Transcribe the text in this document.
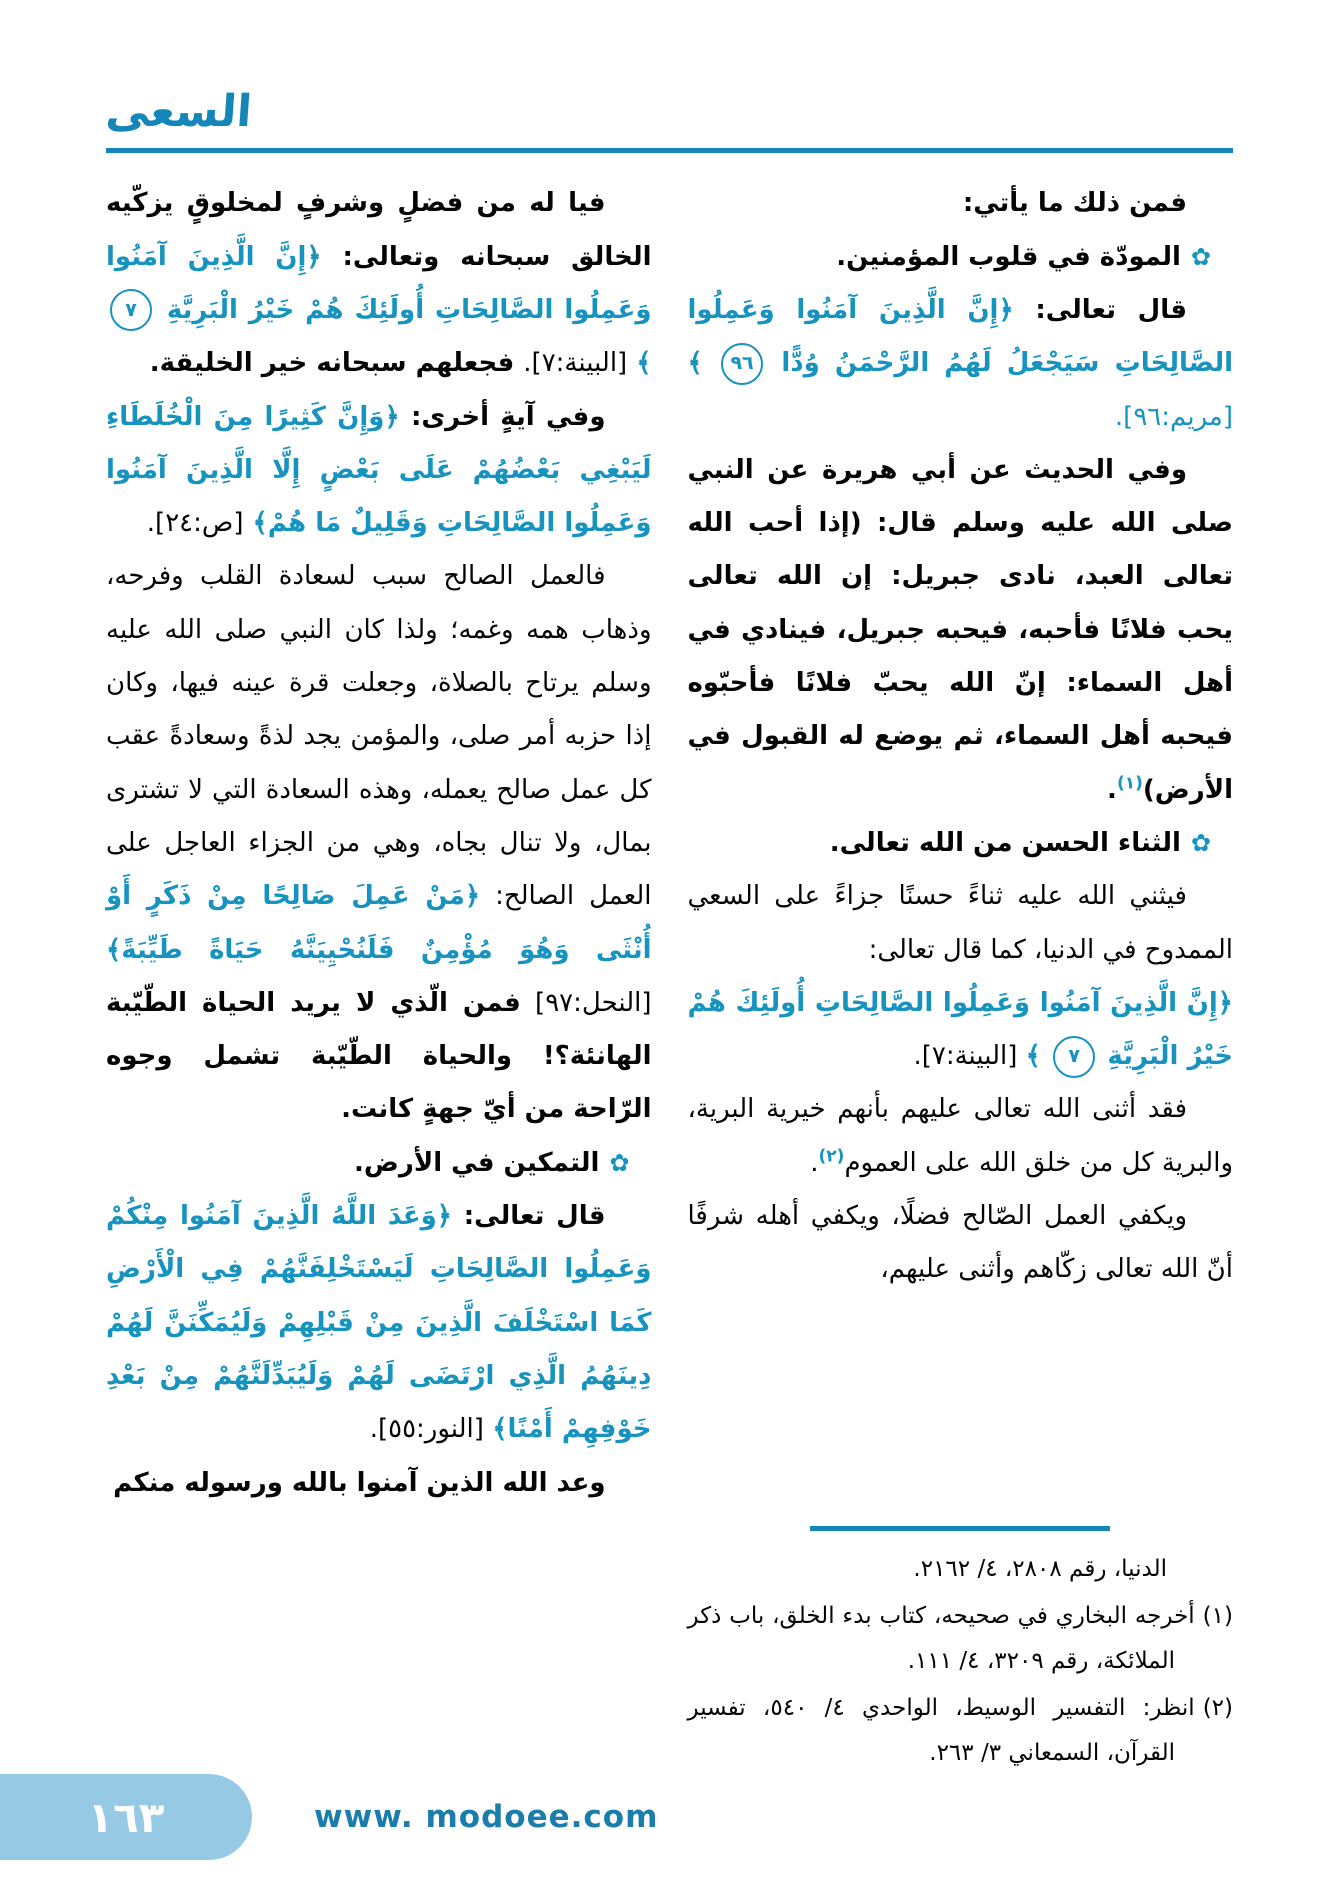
السعى

فمن ذلك ما يأتي:

✿المودّة في قلوب المؤمنين.

قال تعالى: ﴿إِنَّ الَّذِينَ آمَنُوا وَعَمِلُوا الصَّالِحَاتِ سَيَجْعَلُ لَهُمُ الرَّحْمَنُ وُدًّا ٩٦ ﴾ [مريم:٩٦].

وفي الحديث عن أبي هريرة عن النبي صلى الله عليه وسلم قال: (إذا أحب الله تعالى العبد، نادى جبريل: إن الله تعالى يحب فلانًا فأحبه، فيحبه جبريل، فينادي في أهل السماء: إنّ الله يحبّ فلانًا فأحبّوه فيحبه أهل السماء، ثم يوضع له القبول في الأرض)$^{(١)}$.

✿الثناء الحسن من الله تعالى.

فيثني الله عليه ثناءً حسنًا جزاءً على السعي الممدوح في الدنيا، كما قال تعالى:

﴿إِنَّ الَّذِينَ آمَنُوا وَعَمِلُوا الصَّالِحَاتِ أُولَئِكَ هُمْ خَيْرُ الْبَرِيَّةِ ٧ ﴾ [البينة:٧].

فقد أثنى الله تعالى عليهم بأنهم خيرية البرية، والبرية كل من خلق الله على العموم$^{(٢)}$.

ويكفي العمل الصّالح فضلًا، ويكفي أهله شرفًا أنّ الله تعالى زكّاهم وأثنى عليهم،

الدنيا، رقم ٢٨٠٨، ٤/ ٢١٦٢.

(١)أخرجه البخاري في صحيحه، كتاب بدء الخلق، باب ذكر الملائكة، رقم ٣٢٠٩، ٤/ ١١١.

(٢)انظر: التفسير الوسيط، الواحدي ٤/ ٥٤٠، تفسير القرآن، السمعاني ٣/ ٢٦٣.

فيا له من فضلٍ وشرفٍ لمخلوقٍ يزكّيه الخالق سبحانه وتعالى: ﴿إِنَّ الَّذِينَ آمَنُوا وَعَمِلُوا الصَّالِحَاتِ أُولَئِكَ هُمْ خَيْرُ الْبَرِيَّةِ ٧ ﴾ [البينة:٧]. فجعلهم سبحانه خير الخليقة.

وفي آيةٍ أخرى: ﴿وَإِنَّ كَثِيرًا مِنَ الْخُلَطَاءِ لَيَبْغِي بَعْضُهُمْ عَلَى بَعْضٍ إِلَّا الَّذِينَ آمَنُوا وَعَمِلُوا الصَّالِحَاتِ وَقَلِيلٌ مَا هُمْ﴾ [ص:٢٤].

فالعمل الصالح سبب لسعادة القلب وفرحه، وذهاب همه وغمه؛ ولذا كان النبي صلى الله عليه وسلم يرتاح بالصلاة، وجعلت قرة عينه فيها، وكان إذا حزبه أمر صلى، والمؤمن يجد لذةً وسعادةً عقب كل عمل صالح يعمله، وهذه السعادة التي لا تشترى بمال، ولا تنال بجاه، وهي من الجزاء العاجل على العمل الصالح: ﴿مَنْ عَمِلَ صَالِحًا مِنْ ذَكَرٍ أَوْ أُنْثَى وَهُوَ مُؤْمِنٌ فَلَنُحْيِيَنَّهُ حَيَاةً طَيِّبَةً﴾ [النحل:٩٧] فمن الّذي لا يريد الحياة الطّيّبة الهانئة؟! والحياة الطّيّبة تشمل وجوه الرّاحة من أيّ جهةٍ كانت.

✿التمكين في الأرض.

قال تعالى: ﴿وَعَدَ اللَّهُ الَّذِينَ آمَنُوا مِنْكُمْ وَعَمِلُوا الصَّالِحَاتِ لَيَسْتَخْلِفَنَّهُمْ فِي الْأَرْضِ كَمَا اسْتَخْلَفَ الَّذِينَ مِنْ قَبْلِهِمْ وَلَيُمَكِّنَنَّ لَهُمْ دِينَهُمُ الَّذِي ارْتَضَى لَهُمْ وَلَيُبَدِّلَنَّهُمْ مِنْ بَعْدِ خَوْفِهِمْ أَمْنًا﴾ [النور:٥٥].

وعد الله الذين آمنوا بالله ورسوله منكم

١٦٣	www. modoee.com
